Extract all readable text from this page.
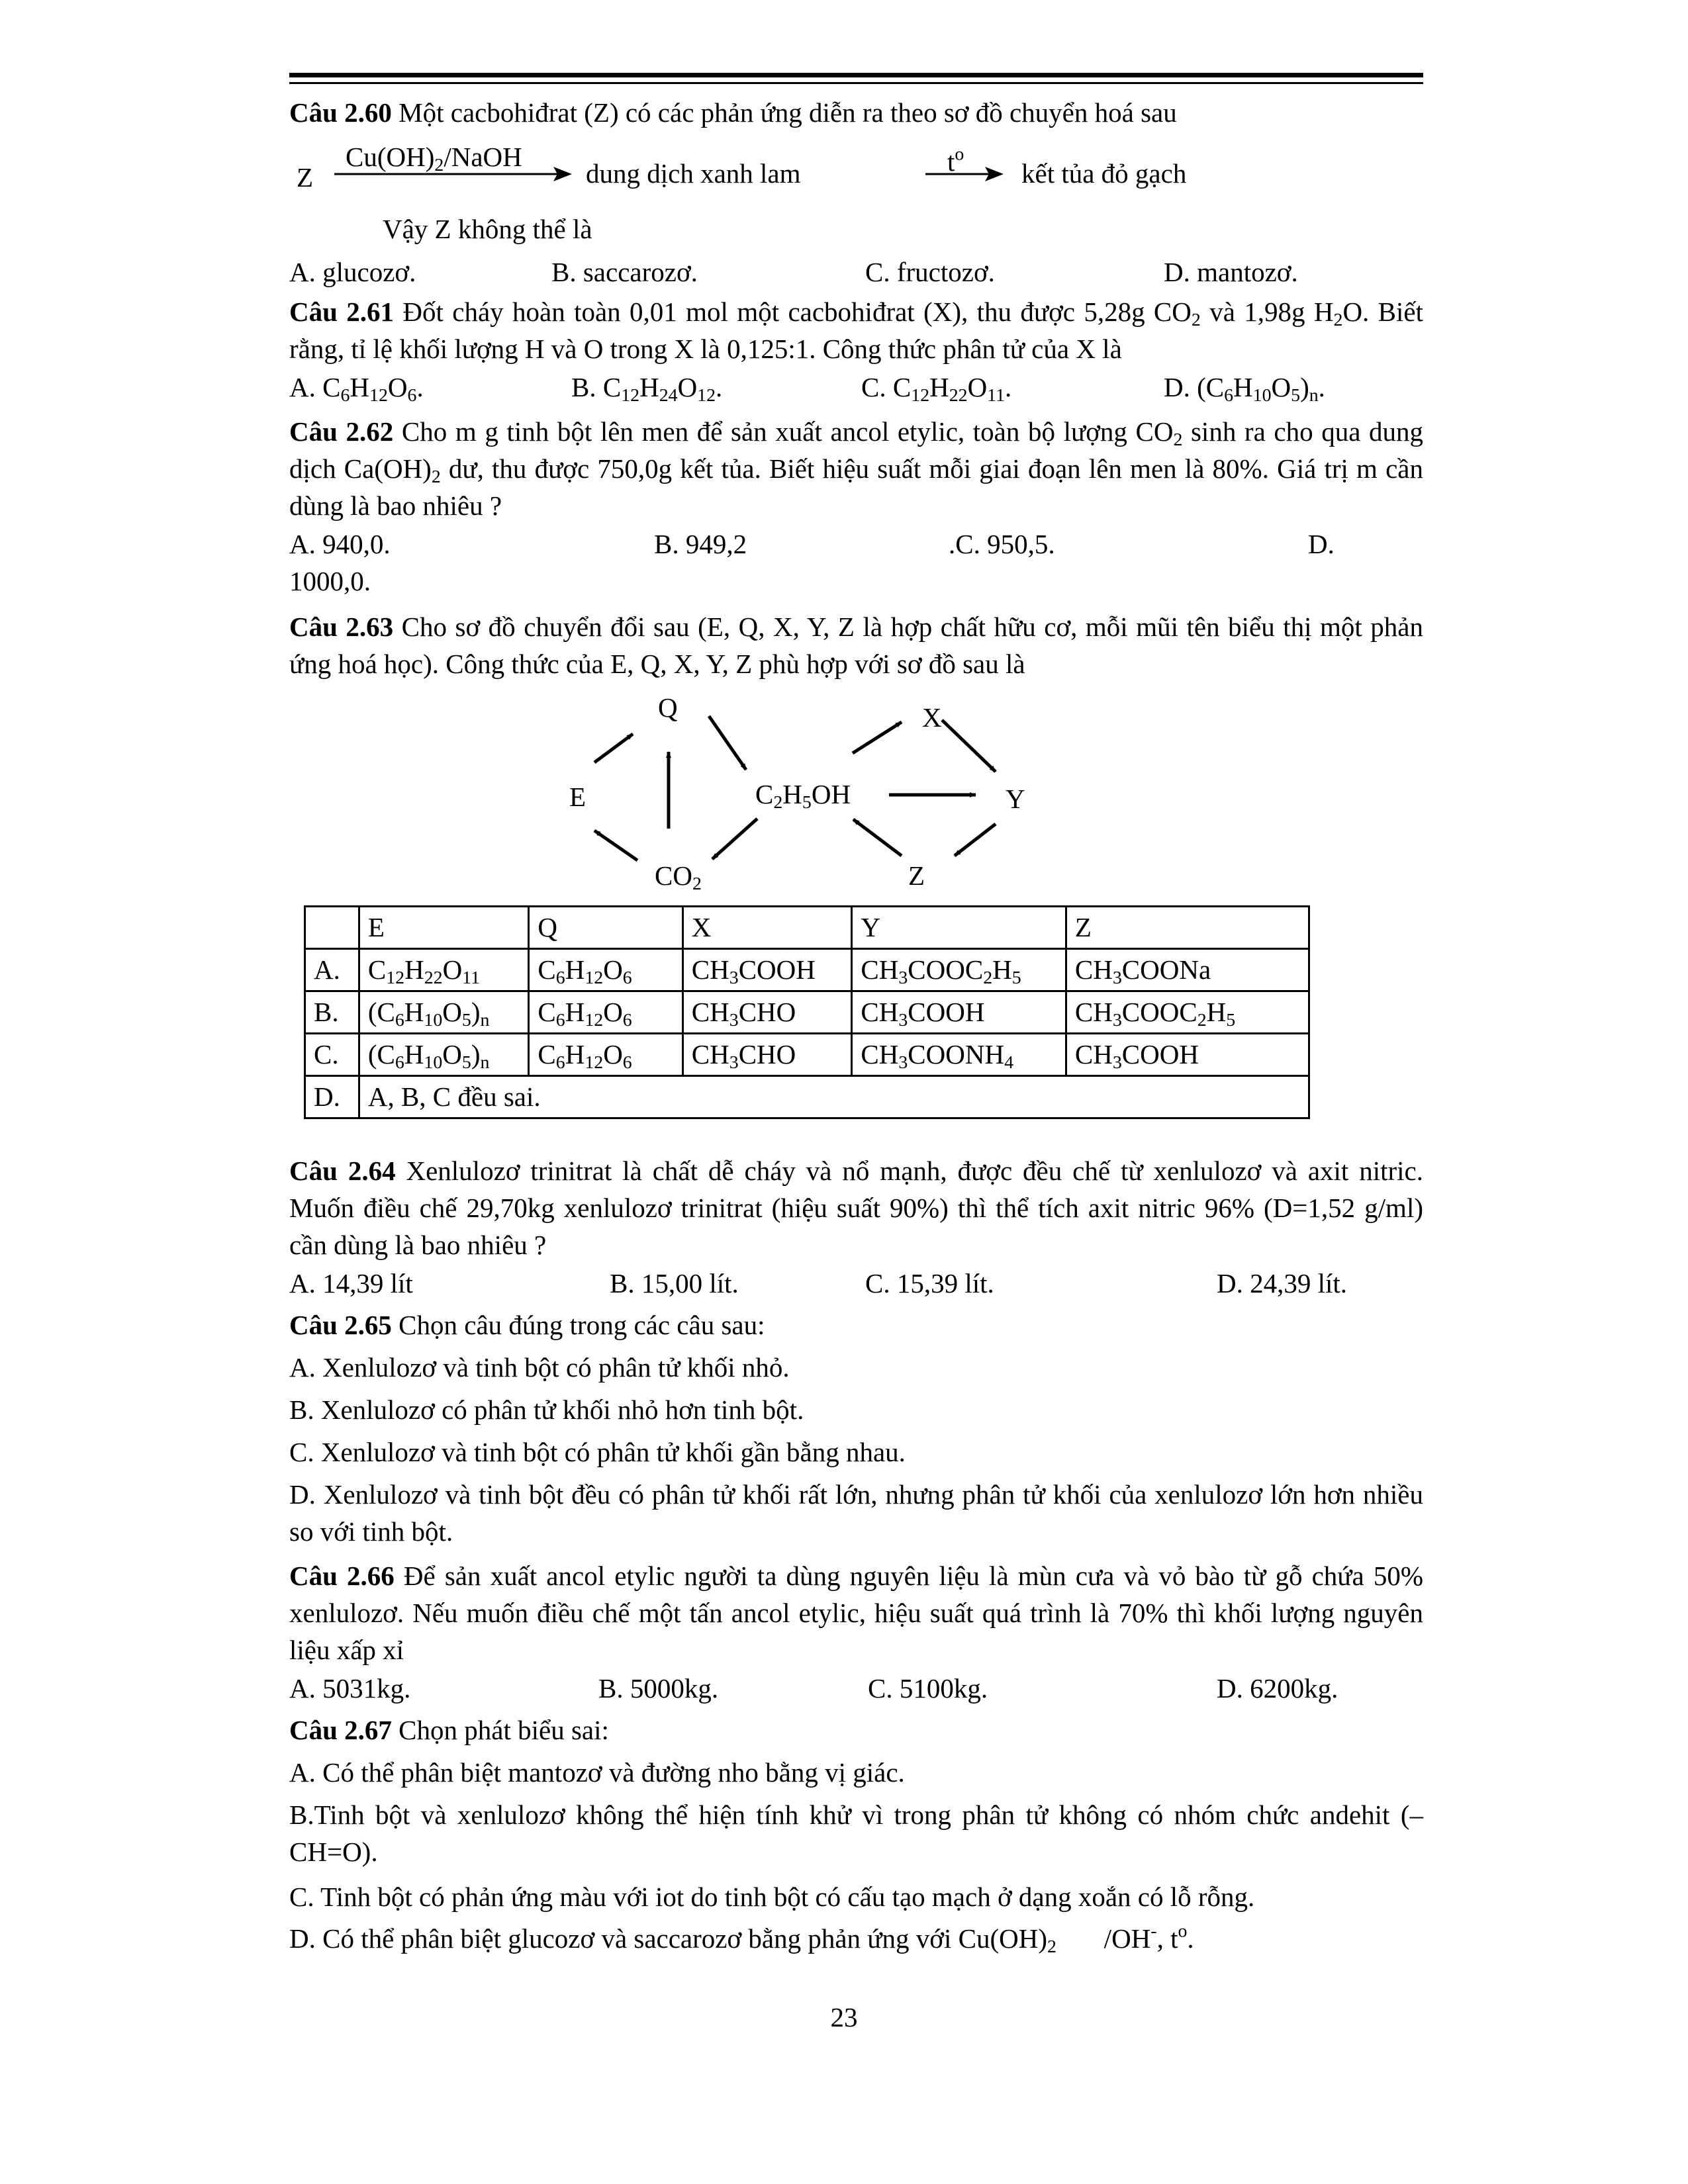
Câu 2.60 Một cacbohiđrat (Z) có các phản ứng diễn ra theo sơ đồ chuyển hoá sau
Z
$Cu(OH)_2$/NaOH
dung dịch xanh lam	$t^o$
kết tủa đỏ gạch
Vậy Z không thể là
A. glucozơ.	B. saccarozơ.	C. fructozơ.	D. mantozơ.
Câu 2.61 Đốt cháy hoàn toàn 0,01 mol một cacbohiđrat (X), thu được 5,28g $CO_2$ và 1,98g $H_2O$. Biết rằng, tỉ lệ khối lượng H và O trong X là 0,125:1. Công thức phân tử của X là
A. $C_6H_{12}O_6$.	B. $C_{12}H_{24}O_{12}$.	C. $C_{12}H_{22}O_{11}$.	D. $(C_6H_{10}O_5)_n$.
Câu 2.62 Cho m g tinh bột lên men để sản xuất ancol etylic, toàn bộ lượng $CO_2$ sinh ra cho qua dung dịch $Ca(OH)_2$ dư, thu được 750,0g kết tủa. Biết hiệu suất mỗi giai đoạn lên men là 80%. Giá trị m cần dùng là bao nhiêu ?
A. 940,0.	B. 949,2	.C. 950,5.	D.
1000,0.
Câu 2.63 Cho sơ đồ chuyển đổi sau (E, Q, X, Y, Z là hợp chất hữu cơ, mỗi mũi tên biểu thị một phản ứng hoá học). Công thức của E, Q, X, Y, Z phù hợp với sơ đồ sau là
Q
E
$CO_2$
$C_2H_5OH$
X
Y
Z
	E	Q	X	Y	Z
A.	$C_{12}H_{22}O_{11}$	$C_6H_{12}O_6$	$CH_3COOH$	$CH_3COOC_2H_5$	$CH_3COONa$
B.	$(C_6H_{10}O_5)_n$	$C_6H_{12}O_6$	$CH_3CHO$	$CH_3COOH$	$CH_3COOC_2H_5$
C.	$(C_6H_{10}O_5)_n$	$C_6H_{12}O_6$	$CH_3CHO$	$CH_3COONH_4$	$CH_3COOH$
D.	A, B, C đều sai.				
Câu 2.64 Xenlulozơ trinitrat là chất dễ cháy và nổ mạnh, được đều chế từ xenlulozơ và axit nitric. Muốn điều chế 29,70kg xenlulozơ trinitrat (hiệu suất 90%) thì thể tích axit nitric 96% (D=1,52 g/ml) cần dùng là bao nhiêu ?
A. 14,39 lít	B. 15,00 lít.	C. 15,39 lít.	D. 24,39 lít.
Câu 2.65 Chọn câu đúng trong các câu sau:
A. Xenlulozơ và tinh bột có phân tử khối nhỏ.
B. Xenlulozơ có phân tử khối nhỏ hơn tinh bột.
C. Xenlulozơ và tinh bột có phân tử khối gần bằng nhau.
D. Xenlulozơ và tinh bột đều có phân tử khối rất lớn, nhưng phân tử khối của xenlulozơ lớn hơn nhiều so với tinh bột.
Câu 2.66 Để sản xuất ancol etylic người ta dùng nguyên liệu là mùn cưa và vỏ bào từ gỗ chứa 50% xenlulozơ. Nếu muốn điều chế một tấn ancol etylic, hiệu suất quá trình là 70% thì khối lượng nguyên liệu xấp xỉ
A. 5031kg.	B. 5000kg.	C. 5100kg.	D. 6200kg.
Câu 2.67 Chọn phát biểu sai:
A. Có thể phân biệt mantozơ và đường nho bằng vị giác.
B.Tinh bột và xenlulozơ không thể hiện tính khử vì trong phân tử không có nhóm chức andehit (–CH=O).
C. Tinh bột có phản ứng màu với iot do tinh bột có cấu tạo mạch ở dạng xoắn có lỗ rỗng.
D. Có thể phân biệt glucozơ và saccarozơ bằng phản ứng với $Cu(OH)_2$       /OH-, $t^o$.
23
